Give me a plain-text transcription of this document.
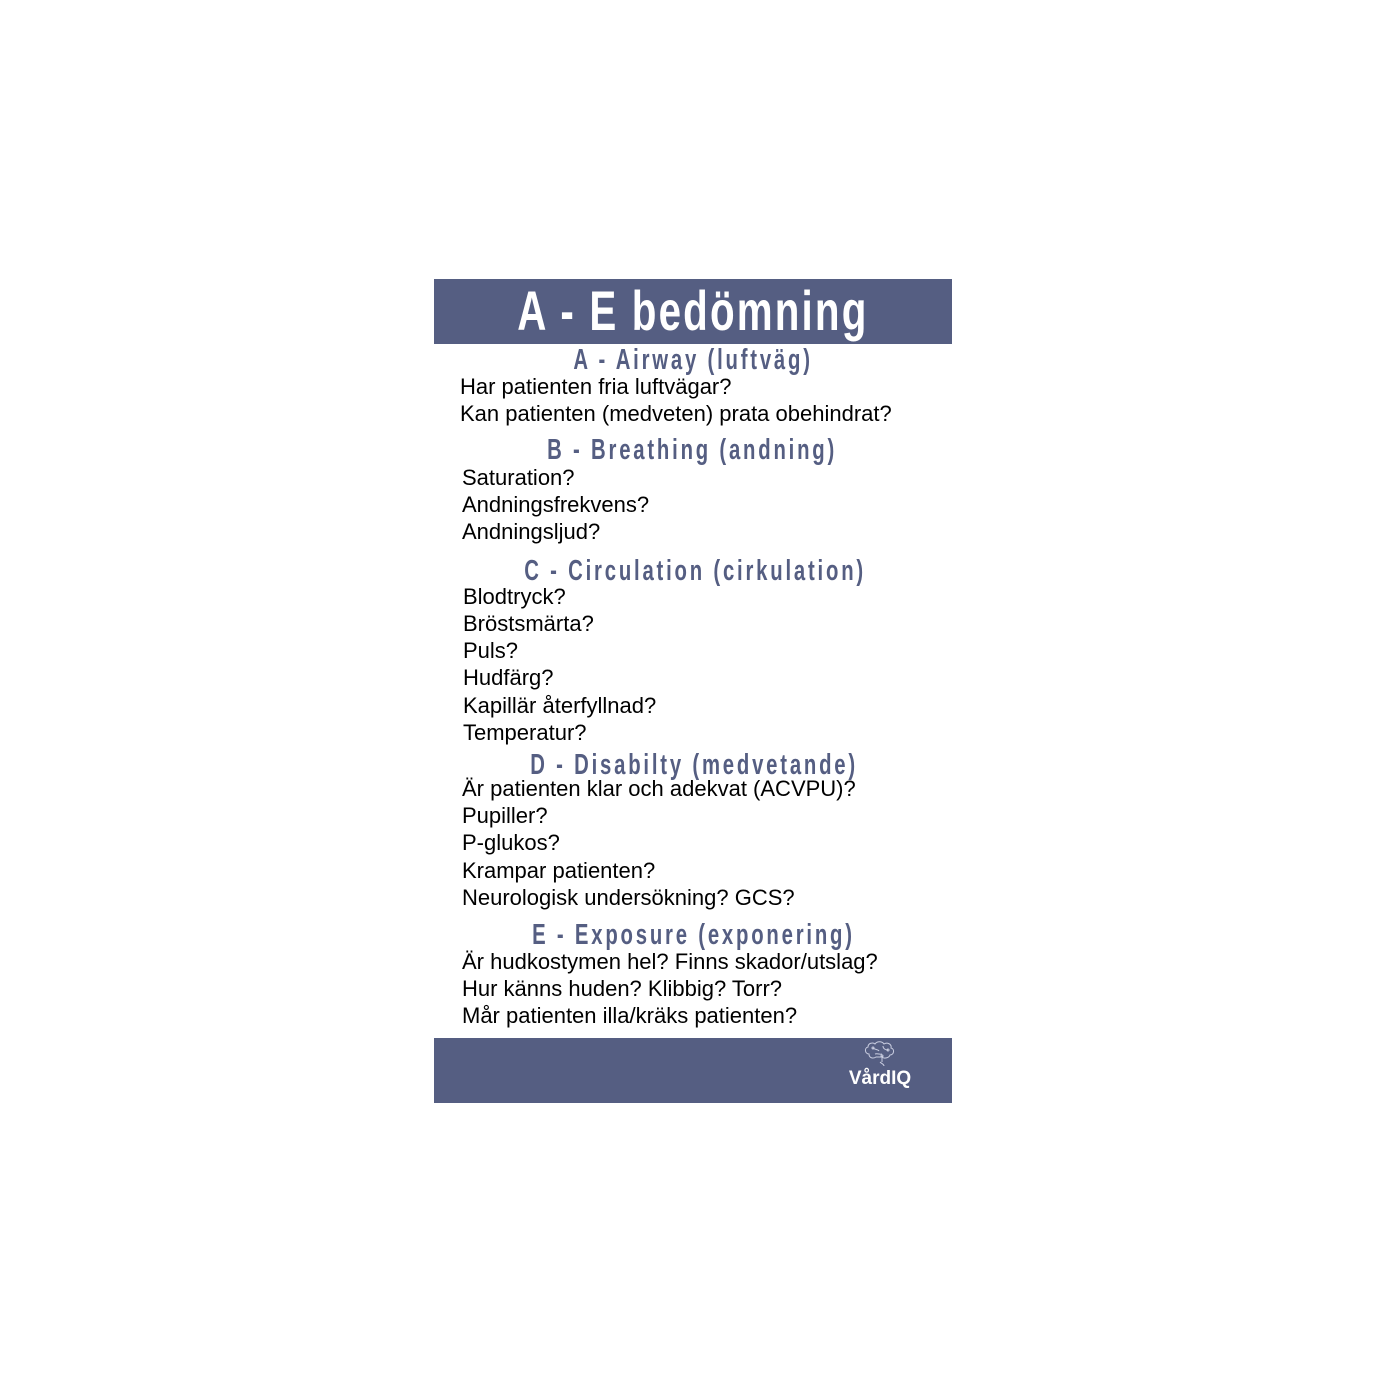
A - E bedömning
A - Airway (luftväg)
Har patienten fria luftvägar?
Kan patienten (medveten) prata obehindrat?
B - Breathing (andning)
Saturation?
Andningsfrekvens?
Andningsljud?
C - Circulation (cirkulation)
Blodtryck?
Bröstsmärta?
Puls?
Hudfärg?
Kapillär återfyllnad?
Temperatur?
D - Disabilty (medvetande)
Är patienten klar och adekvat (ACVPU)?
Pupiller?
P-glukos?
Krampar patienten?
Neurologisk undersökning? GCS?
E - Exposure (exponering)
Är hudkostymen hel? Finns skador/utslag?
Hur känns huden? Klibbig? Torr?
Mår patienten illa/kräks patienten?
VårdIQ
